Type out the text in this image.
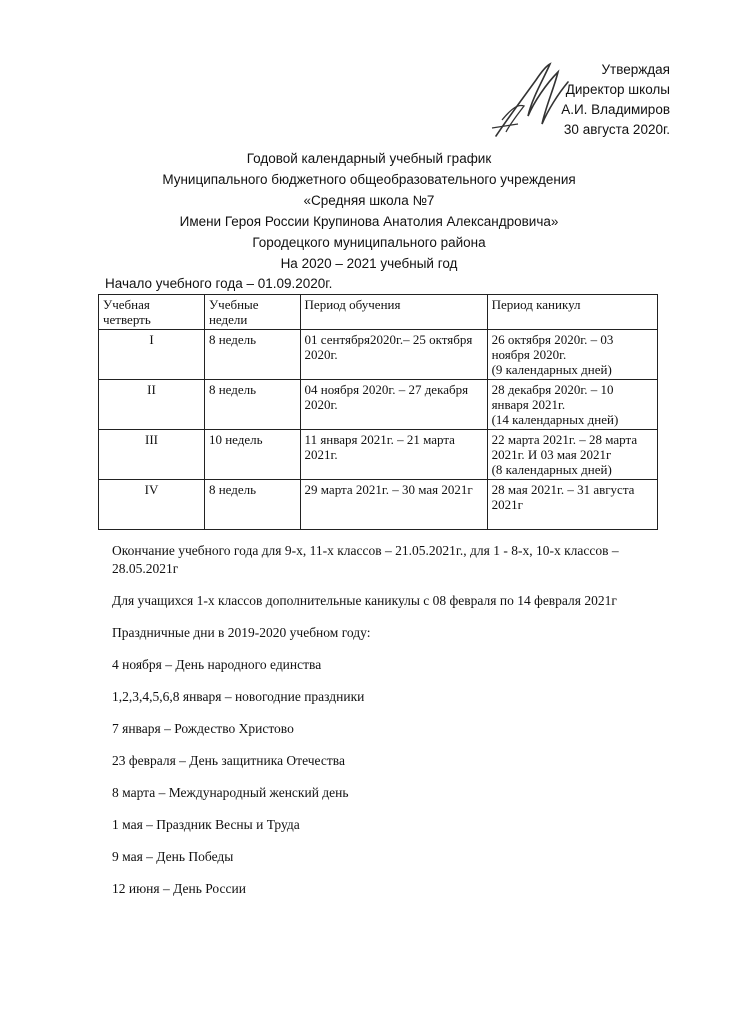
Утверждая
Директор школы
А.И. Владимиров
30 августа 2020г.
Годовой календарный учебный график
Муниципального бюджетного общеобразовательного учреждения
«Средняя школа №7
Имени Героя России Крупинова Анатолия Александровича»
Городецкого муниципального района
На 2020 – 2021 учебный год
Начало учебного года – 01.09.2020г.
Учебная четверть	Учебные недели	Период обучения	Период каникул
I	8 недель	01 сентября2020г.– 25 октября 2020г.	26 октября 2020г. – 03 ноября 2020г.
(9 календарных дней)

II	8 недель	04 ноября 2020г. – 27 декабря 2020г.	28 декабря 2020г. – 10 января 2021г.
(14 календарных дней)

III	10 недель	11 января 2021г. – 21 марта 2021г.	22 марта 2021г. – 28 марта 2021г. И 03 мая 2021г
(8 календарных дней)

IV	8 недель	29 марта 2021г. – 30 мая 2021г	28 мая 2021г. – 31 августа 2021г

Окончание учебного года для 9-х, 11-х классов – 21.05.2021г., для 1 - 8-х, 10-х классов – 28.05.2021г

Для учащихся 1-х классов дополнительные каникулы с 08 февраля по 14 февраля 2021г

Праздничные дни в 2019-2020 учебном году:

4 ноября – День народного единства

1,2,3,4,5,6,8 января – новогодние праздники

7 января – Рождество Христово

23 февраля – День защитника Отечества

8 марта – Международный женский день

1 мая – Праздник Весны и Труда

9 мая – День Победы

12 июня – День России
